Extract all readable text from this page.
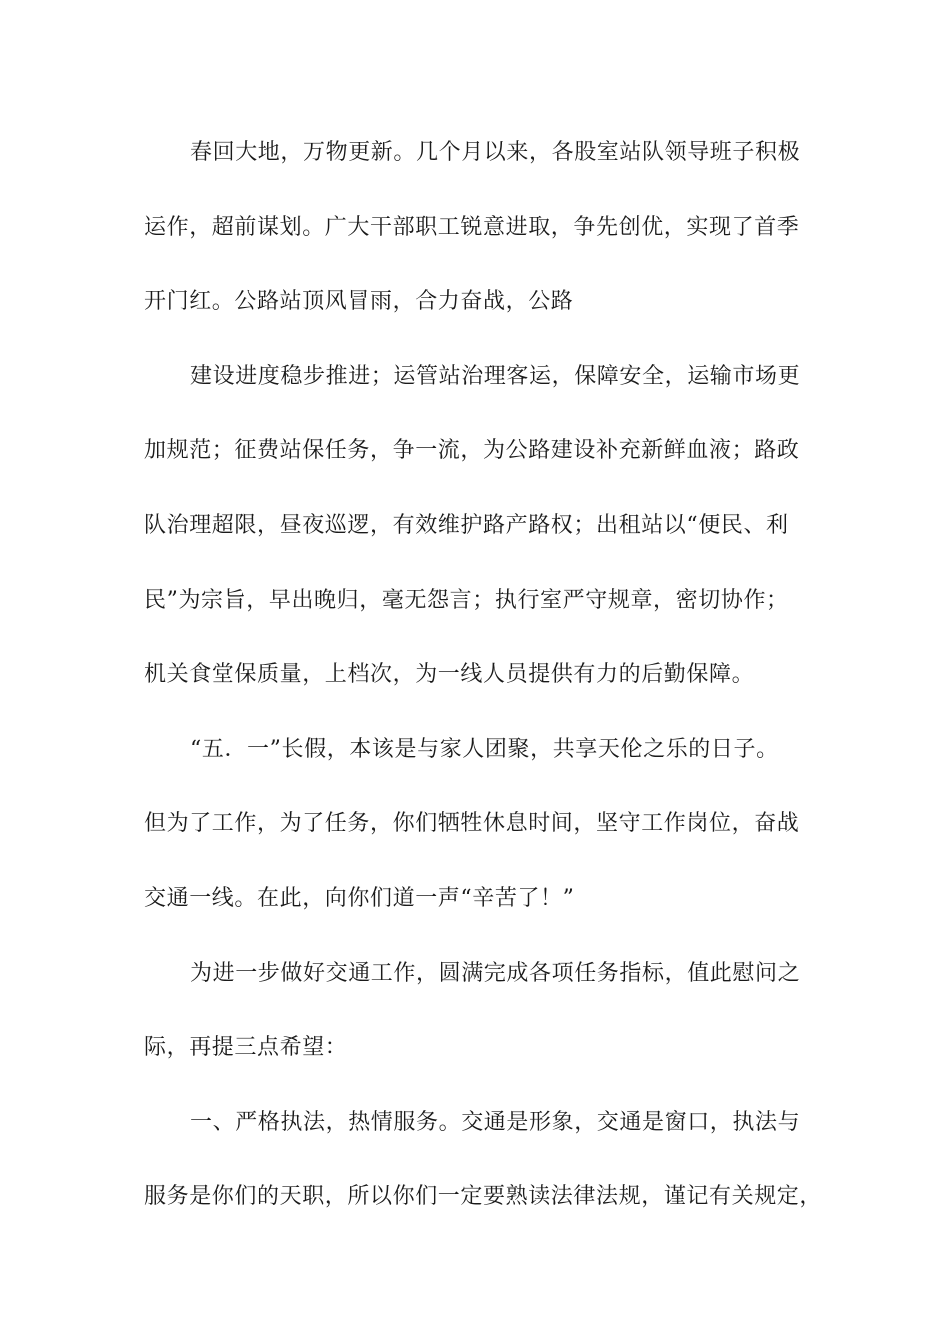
春回大地，万物更新。几个月以来，各股室站队领导班子积极
运作，超前谋划。广大干部职工锐意进取，争先创优，实现了首季
开门红。公路站顶风冒雨，合力奋战，公路
建设进度稳步推进；运管站治理客运，保障安全，运输市场更
加规范；征费站保任务，争一流，为公路建设补充新鲜血液；路政
队治理超限，昼夜巡逻，有效维护路产路权；出租站以“便民、利
民”为宗旨，早出晚归，毫无怨言；执行室严守规章，密切协作；
机关食堂保质量，上档次，为一线人员提供有力的后勤保障。
“五．一”长假，本该是与家人团聚，共享天伦之乐的日子。
但为了工作，为了任务，你们牺牲休息时间，坚守工作岗位，奋战
交通一线。在此，向你们道一声“辛苦了！”
为进一步做好交通工作，圆满完成各项任务指标，值此慰问之
际，再提三点希望：
一、严格执法，热情服务。交通是形象，交通是窗口，执法与
服务是你们的天职，所以你们一定要熟读法律法规，谨记有关规定，
